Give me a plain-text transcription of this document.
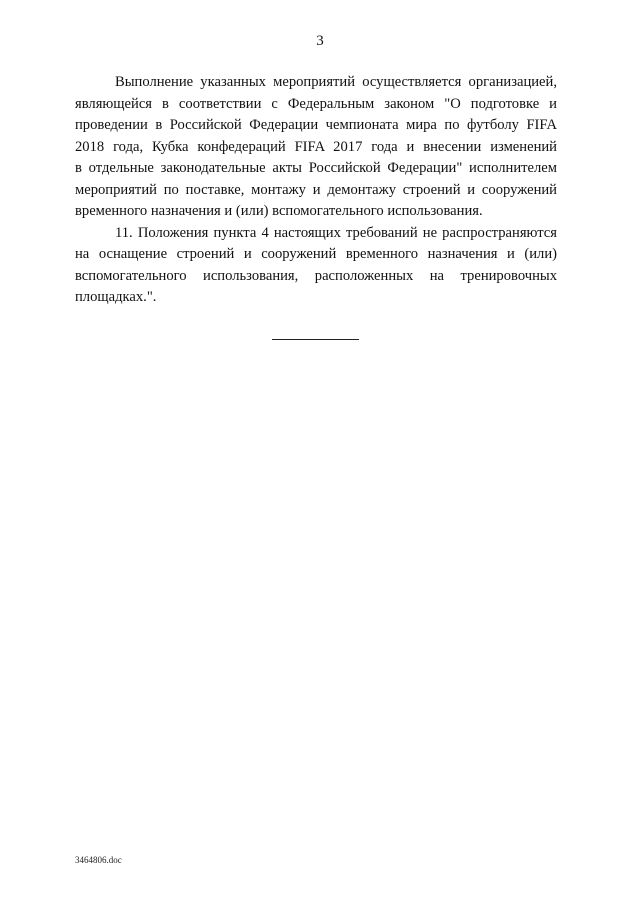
3
Выполнение указанных мероприятий осуществляется организацией,
являющейся в соответствии с Федеральным законом "О подготовке и
проведении в Российской Федерации чемпионата мира по футболу FIFA
2018 года, Кубка конфедераций FIFA 2017 года и внесении изменений
в отдельные законодательные акты Российской Федерации" исполнителем
мероприятий по поставке, монтажу и демонтажу строений и сооружений
временного назначения и (или) вспомогательного использования.
11. Положения пункта 4 настоящих требований не распространяются
на оснащение строений и сооружений временного назначения и (или)
вспомогательного использования, расположенных на тренировочных
площадках.".
3464806.doc
